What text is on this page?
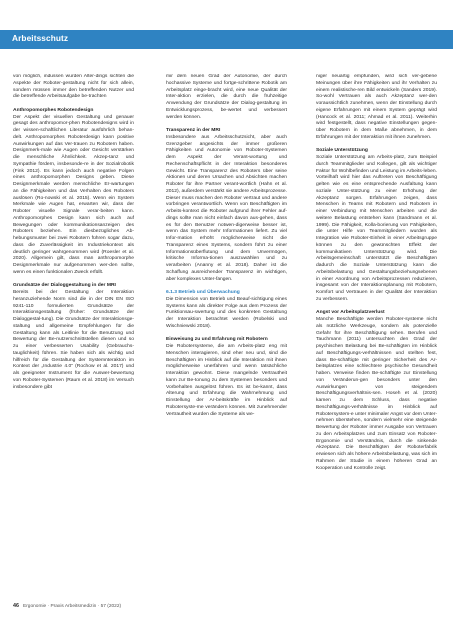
Arbeitsschutz

von möglich, indussen wurden Alter-dings sichten die Aspekte der Roboter-gestaltung nicht für sich allein, sondern müssen immer den betreffenden Nutzer und die betreffende Arbeitsaufgabe be-trachten

Anthropomorphes Robotendesign

Der Aspekt der visuellen Gestaltung und genauer gesagt des anthropomor-phen Robotendesigns wird in der wissen-schaftlichen Literatur ausführlich behan-delt. Anthropomorphes Roboterdesign kann positive Auswirkungen auf das Ver-trauen zu Robotern haben. Designmerk-male wie Augen oder Gesicht verstärken die menschliche Ähnlichkeit. Akzep-tanz und Sympathie fördern, insbesonde-re in der Sozialrobotik (Fink 2012). Es kann jedoch auch negative Folgen eines anthropomorphen Designs geben. Diese Designmerkmale werden menschliche Er-wartungen an die Fähigkeiten und das Verhalten des Roboters auslösen (Ro-nowski et al. 2015). Wenn ein System Merkmale wie Augen hat, erwarten wir, dass der Roboter visuelle Signale verar-beiten kann. Anthropomorphes Design kann sich auch auf Bewegungen oder kommunikationsanzeigen des Roboters beziehen. Ein diesbezügliches Ab-hebungsmuster bei zwei Robotern führen sogar dazu, dass die Zuverlässigkeit im Industriekontext als deutlich geringer wahrgenommen wird (Roesler et al. 2020). Allgemein gilt, dass man anthropomorphe Designmerkmale nur aufgenommen wer-den sollte, wenn es einen funktionalen Zweck erfüllt.

Grundsätze der Dialoggestaltung in der MRI

Bereits bei der Gestaltung der Interaktion heranzuziehende Norm sind die in der DIN EN ISO 9241-110 formulierten Grundsätze der Interaktionsgestaltung (früher: Grundsätze der Dialoggestal-tung). Die Grundsätze der Interaktionsge-staltung und allgemeine Empfehlungen für die Gestaltung kann als Leitlinie für die Benutzung und Bewertung der Be-nutzerschnittstellen dienen und so zu einer verbesserten Usability (Gebrauchs-tauglichkeit) führen. Sie haben sich als wichtig und hilfreich für die Gestaltung der Systemnterakton im Kontext der „Industrie 4.0“ (Rochow et al. 2017) und als geeigneter Instrument für die Auswer-bewertung von Roboter-Systemen (Raum et al. 2018) im Versuch insbesondere gibt

mir dem neuen Grad der Autonomie, der durch hochassive Systeme und fortge-schrittene Robotik am Arbeitsplatz einge-bracht wird, eine neue Qualität der Inter-aktion erzielen, die durch die fruhzeitige Anwendung der Grundsätze der Dialog-gestaltung im Entwicklungsprozess, be-wertet und verbessert werden können.

Transparenz in der MRI

Insbesondere aus Arbeitsschutzsicht, aber auch Grenzgeber angesichts der immer großeren Fähigkeiten und Autonomie von Roboter-Systemen dem Aspekt der Verant-wortung und Rechenschaftspflicht in der Interaktion besonderes Gewicht. Eine Transparenz des Roboters über seine Aktionen und deren Ursachen und Absichten machen Roboter für ihre Partner verant-wortlich (Hahn et al. 2012), außerdem verstärkt sie andere Arbeitsprozesse. Dieser muss machen den Roboter vertraut und andere vorbringen verantwortlich. Wenn von Beschäftigten im Arbeits-kontext die Roboter aufgrund ihrer Fehler auf-dings sollte man nicht einfach davon aus-gehen, dass es für den Benutzer notwen-digerweise besser ist, wenn das System mehr Informationen liefert. Zu viel Infor-mation erhöht möglicherweise nicht die Transparenz eines Systems, sondern führt zu einer Informationsüberflutung und dem Unvermögen, kritische Informa-tionen auszuwählen und zu verarbeiten (Ananny et al. 2018). Daher ist die Schaffung ausreichender Transparenz im wichtigen, aber komplexes Unter-fangen.

6.1.3 Betrieb und Überwachung

Die Dimension von Betrieb und Beauf-sichtigung eines Systems kann als direkter Folge aus dem Prozess der Funktionsau-swertung und des konkreten Gestaltung der Interaktion betrachtet werden (Robelski und Wischniewski 2018).

Einweisung zu und Erfahrung mit Robotern

Die Robotersysteme, die am Arbeits-platz eng mit Menschen interagieren, sind eher neu und, sind die Beschäftigten im Hinblick auf die Interaktion mit ihnen möglicherweise unerfahren und wenn tatsächliche Interaktion gewohnt. Diese mangelnde Vertrautheit kann zur Be-tonung zu dem Systemen besonders und Vorbehalten ausgelöst führen. Es ist be-kannt, dass Alterung und Erfahrung die Wahrnehmung und Einstellung der Ar-beitskräfte im Hinblick auf Robotersyste-me verändern können. Mit zunehmender Vertrautheit wurden die Systeme als we-

niger neuartig empfunden, wird sich ver-gebene Meinungen über ihre Fähigkeiten und ihr Verhalten zu einem realistische-ren Bild entwickeln (Sanders 2019). So-wohl Vertrauen als auch Akzeptanz wer-den voraussichtlich zunehmen, wenn der Einstellung durch eigene Erfahrungen mit einem System geprägt wird (Hancock et al. 2011; Ahmad et al. 2011). Weiterhin wird festgestellt, dass negative Einstellungen gegen-über Robotern in dem Maße abnehmen, in dem Erfahrungen mit der Interaktion mit ihnen zunehmen.

Soziale Unterstützung

Soziale Unterstützung am Arbeits-platz, zum Beispiel durch Teammitglieder und Kollegen, gilt als wichtiger Faktor für Wohlbefinden und Leistung im Arbeits-leben. Vorteilhaft wird hier das Auftreten von Beschäftigung gelten wie es eine entsprechende Ausfaltung kann soziale Unter-stützung zu einer Erhöhung der Akzeptanz sorgen. Erfahrungen zeigen, dass Menschen in Teams mit Robotern und Robotern in einer Verbindung mit Menschen arbeiten und die weitere Belastung entstehen kann (Sandmann et al. 1999). Die Fähigkeit, Kolla-borierung von Fähigkeiten, die unter Hilfe von Teammitgliedern wurden als Integration wie Roboter-Einheit in einer Arbeitsgruppe können zu den gewünschten Effekt der kommunikativen Unterstützung wird. Die Arbeitsgemeinschaft unterstützt die Beschäftigten dadurch die Soziale Unterstützung kann die Arbeitsbelastung und Gestaltungsbeziehungsebenen in einer Anordnung von Arbeitsprozessen reduzieren, insgesamt von der Interaktionsplanung mit Robotern, Komfort und Vertrauen in der Qualität der Interaktion zu verbessern.

Angst vor Arbeitsplatzverlust

Manche Beschäftigte werden Roboter-systeme nicht als nützliche Werkzeuge, sondern als potenzielle Gefahr für ihre Beschäftigung sehen. Berufen und Tauchmann (2011) untersuchten den Grad der psychischen Belastung bei Be-schäftigten im Hinblick auf Beschäftigungs-verhältnissen und stellten fest, dass Be-schäftigte mit geringer Sicherheit des Ar-beitsplatzes eine schlechtere psychische Gesundheit haben. Verweise finden Be-schäftigte zur Einstellung von Veränderun-gen besonders unter den Auswirkungen von steigendem Beschäftigungsverhältnis-sen. Hoseh et al. (2020) kamen zu dem Schluss, dass negative Beschäftigungs-verhältnisse im Hinblick auf Robotersystem-e unter minimaler Angst vor dem Unter-nehmen überstehen, sondern vielmehr eine steigende Bewertung der Roboter immer Ausgabe von Vertrauen zu den Arbeitsplatzes und zum Einsatz von Roboter-Ergonomie und Verständnis, durch die sinkende Akzeptanz. Die Beschäftigten der Roboterfabrik erwiesen sich als höhere Arbeitsbelastung, was sich im Rahmen der Studie in einem höheren Grad an Kooperation und Kontrolle zeigt.

46 Ergonomie · Praxis Arbeitsmedizin · 57 (2022)
